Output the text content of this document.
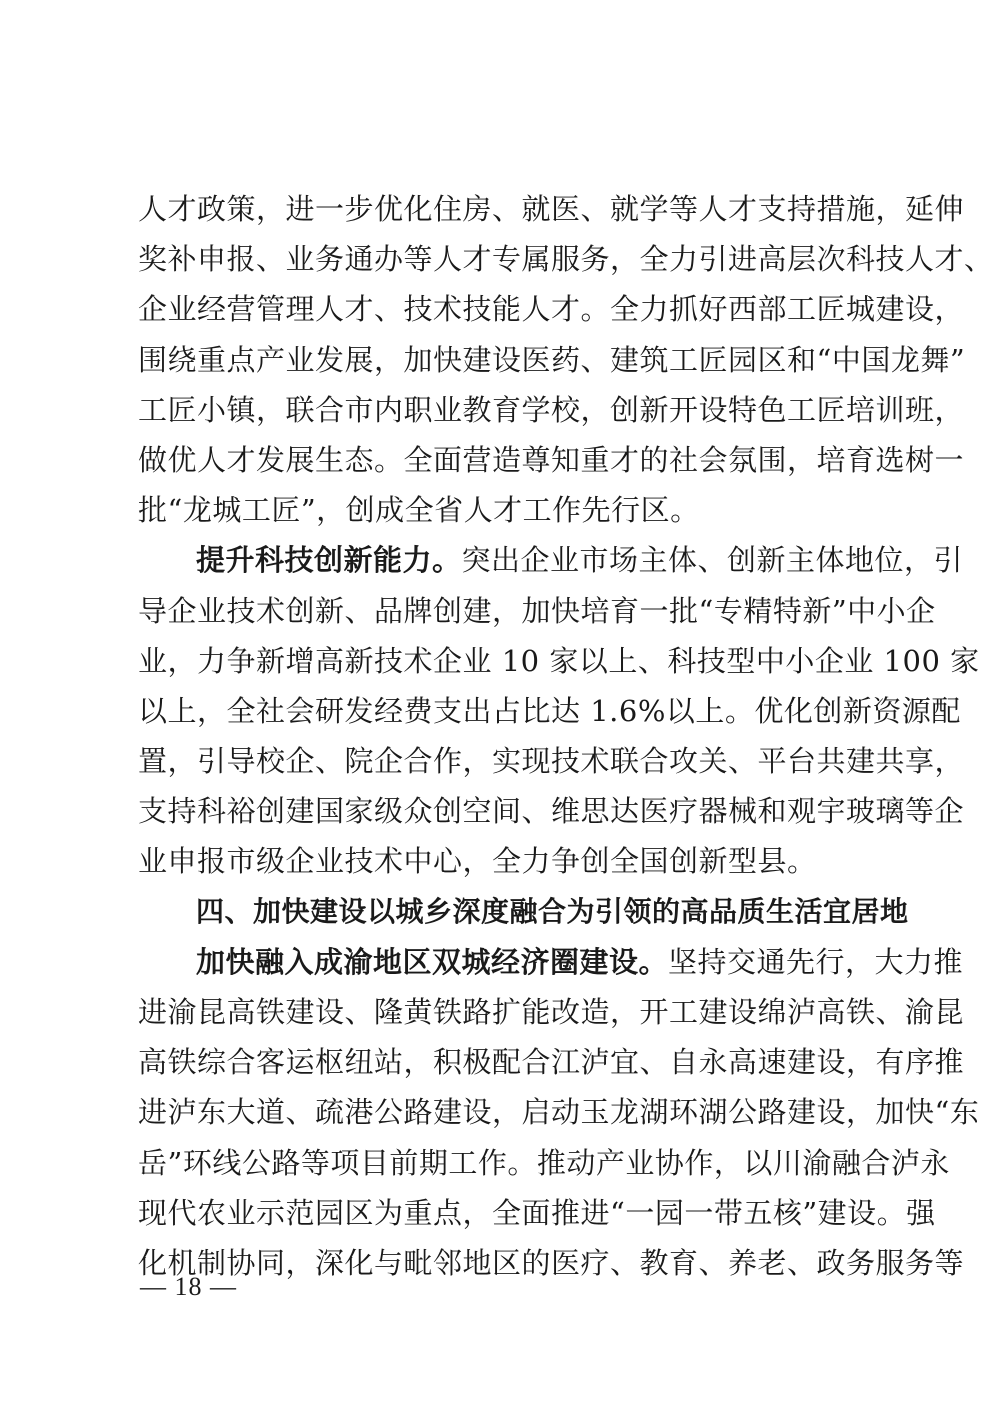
人才政策，进一步优化住房、就医、就学等人才支持措施，延伸
奖补申报、业务通办等人才专属服务，全力引进高层次科技人才、
企业经营管理人才、技术技能人才。全力抓好西部工匠城建设，
围绕重点产业发展，加快建设医药、建筑工匠园区和“中国龙舞”
工匠小镇，联合市内职业教育学校，创新开设特色工匠培训班，
做优人才发展生态。全面营造尊知重才的社会氛围，培育选树一
批“龙城工匠”，创成全省人才工作先行区。
提升科技创新能力。突出企业市场主体、创新主体地位，引
导企业技术创新、品牌创建，加快培育一批“专精特新”中小企
业，力争新增高新技术企业 10 家以上、科技型中小企业 100 家
以上，全社会研发经费支出占比达 1.6%以上。优化创新资源配
置，引导校企、院企合作，实现技术联合攻关、平台共建共享，
支持科裕创建国家级众创空间、维思达医疗器械和观宇玻璃等企
业申报市级企业技术中心，全力争创全国创新型县。
四、加快建设以城乡深度融合为引领的高品质生活宜居地
加快融入成渝地区双城经济圈建设。坚持交通先行，大力推
进渝昆高铁建设、隆黄铁路扩能改造，开工建设绵泸高铁、渝昆
高铁综合客运枢纽站，积极配合江泸宜、自永高速建设，有序推
进泸东大道、疏港公路建设，启动玉龙湖环湖公路建设，加快“东
岳”环线公路等项目前期工作。推动产业协作，以川渝融合泸永
现代农业示范园区为重点，全面推进“一园一带五核”建设。强
化机制协同，深化与毗邻地区的医疗、教育、养老、政务服务等
— 18 —
